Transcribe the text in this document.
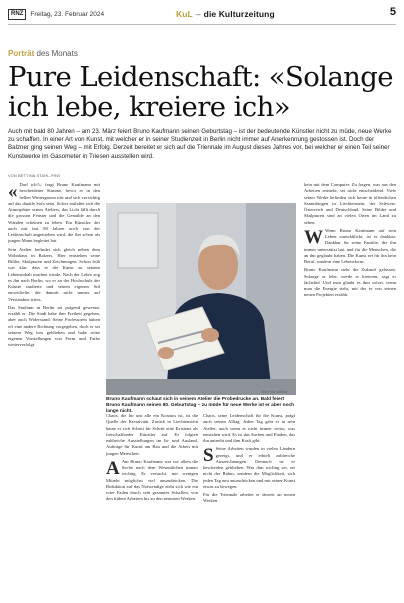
RNZ	Freitag, 23. Februar 2024	KuL – die Kulturzeitung	5
Porträt des Monats
Pure Leidenschaft: «Solange ich lebe, kreiere ich»

Auch mit bald 80 Jahren – am 23. März feiert Bruno Kaufmann seinen Geburtstag – ist der bedeutende Künstler nicht zu müde, neue Werke zu schaffen. In einer Art von Kunst, mit welcher er in seiner Studienzeit in Berlin nicht immer auf Anerkennung gestossen ist. Doch der Balzner ging seinen Weg – mit Erfolg. Derzeit bereitet er sich auf die Triennale im August dieses Jahres vor, bei welcher er einen Teil seiner Kunstwerke im Gasometer in Triesen ausstellen wird.

VON BETTINA STAHL-FREI

« Darf ich?», fragt Bruno Kaufmann mit bescheidener Stimme, bevor er in den hellen Wintergarten tritt und sich vorsichtig auf das dunkle Sofa setzt. Sofort entfaltet sich die Atmosphäre seines Ateliers, das Licht fällt durch die grossen Fenster und die Gemälde an den Wänden scheinen zu leben. Ein Künstler, der auch mit fast 80 Jahren noch von der Leidenschaft angetrieben wird, die ihn schon als jungen Mann begleitet hat.

Sein Atelier befindet sich gleich neben dem Wohnhaus in Balzers. Hier entstehen seine Bilder, Skulpturen und Zeichnungen. Schon früh war klar, dass er die Kunst zu seinem Lebensinhalt machen würde. Nach der Lehre zog es ihn nach Berlin, wo er an der Hochschule der Künste studierte und seinen eigenen Stil entwickelte, der damals nicht immer auf Verständnis stiess.

Das Studium in Berlin sei prägend gewesen, erzählt er. Die Stadt habe ihm Freiheit gegeben, aber auch Widerstand. Seine Professoren hätten oft eine andere Richtung vorgegeben, doch er sei seinem Weg treu geblieben und habe seine eigenen Vorstellungen von Form und Farbe weiterverfolgt.

Bild: Nils Vollmar

Bruno Kaufmann schaut sich in seinem Atelier die Probedrucke an. Bald feiert Bruno Kaufmann seinen 80. Geburtstag – zu müde für neue Werke ist er aber noch lange nicht.

Chaos, die für uns alle ein Kosmos ist, ist die Quelle der Kreativität. Zurück in Liechtenstein baute er sich Schritt für Schritt eine Existenz als freischaffender Künstler auf. Es folgten zahlreiche Ausstellungen im In- und Ausland, Aufträge für Kunst am Bau und die Arbeit mit jungen Menschen.

A Am Bruno Kaufmann war vor allem die Suche nach dem Wesentlichen immer wichtig. Er versucht, mit wenigen Mitteln möglichst viel auszudrücken. Die Reduktion auf das Notwendige zieht sich wie ein roter Faden durch sein gesamtes Schaffen, von den frühen Arbeiten bis zu den neuesten Werken.

Chaos, seine Leidenschaft für die Kunst, prägt auch seinen Alltag. Jeden Tag geht er in sein Atelier, auch wenn er nicht immer weiss, was entstehen wird. Es ist das Suchen und Finden, das ihn antreibt und ihm Kraft gibt.

S Seine Arbeiten wurden in vielen Ländern gezeigt, und er erhielt zahlreiche Auszeichnungen. Dennoch ist er bescheiden geblieben. Was ihm wichtig sei, sei nicht der Ruhm, sondern die Möglichkeit, sich jeden Tag neu auszudrücken und mit seiner Kunst etwas zu bewegen.

Für die Triennale arbeitet er derzeit an neuen Werken.

kein mit dem Computer. Zu fragen, was aus den Arbeiten entsteht, sei nicht entscheidend. Viele seiner Werke befinden sich heute in öffentlichen Sammlungen in Liechtenstein, der Schweiz, Österreich und Deutschland. Seine Bilder und Skulpturen sind an vielen Orten im Land zu sehen.

W Wenn Bruno Kaufmann auf sein Leben zurückblickt, ist er dankbar. Dankbar für seine Familie, die ihn immer unterstützt hat, und für die Menschen, die an ihn geglaubt haben. Die Kunst sei für ihn kein Beruf, sondern eine Lebensform.

Bruno Kaufmann sieht die Zukunft gelassen. Solange er lebe, werde er kreieren, sagt er lächelnd. Und man glaubt es ihm sofort, wenn man die Energie sieht, mit der er von seinen neuen Projekten erzählt.
